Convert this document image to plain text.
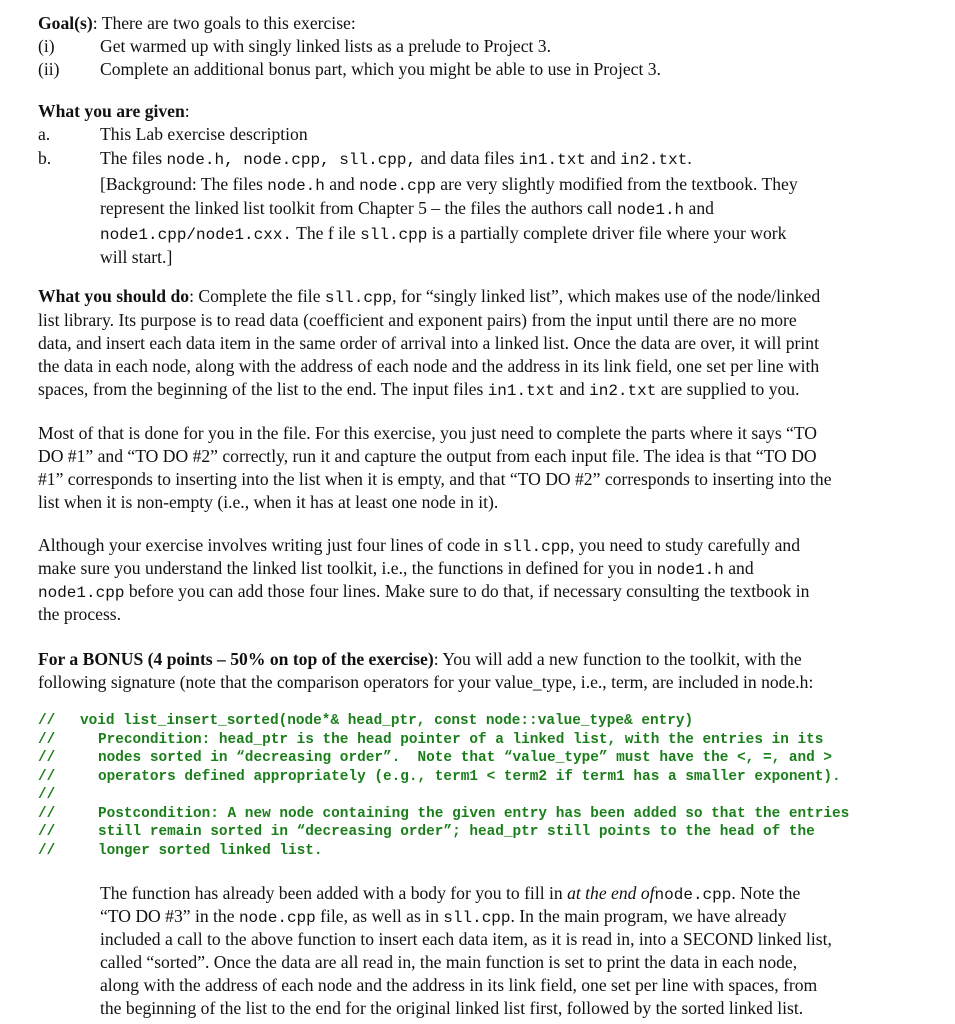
Goal(s): There are two goals to this exercise:
(i)	Get warmed up with singly linked lists as a prelude to Project 3.
(ii) Complete an additional bonus part, which you might be able to use in Project 3.
What you are given:
a.	This Lab exercise description
b.	The files node.h, node.cpp, sll.cpp, and data files in1.txt and in2.txt.
[Background: The files node.h and node.cpp are very slightly modified from the textbook. They
represent the linked list toolkit from Chapter 5 – the files the authors call node1.h and
node1.cpp/node1.cxx. The f ile sll.cpp is a partially complete driver file where your work
will start.]
What you should do: Complete the file sll.cpp, for “singly linked list”, which makes use of the node/linked
list library. Its purpose is to read data (coefficient and exponent pairs) from the input until there are no more
data, and insert each data item in the same order of arrival into a linked list. Once the data are over, it will print
the data in each node, along with the address of each node and the address in its link field, one set per line with
spaces, from the beginning of the list to the end. The input files in1.txt and in2.txt are supplied to you.
Most of that is done for you in the file. For this exercise, you just need to complete the parts where it says “TO
DO #1” and “TO DO #2” correctly, run it and capture the output from each input file. The idea is that “TO DO
#1” corresponds to inserting into the list when it is empty, and that “TO DO #2” corresponds to inserting into the
list when it is non-empty (i.e., when it has at least one node in it).
Although your exercise involves writing just four lines of code in sll.cpp, you need to study carefully and
make sure you understand the linked list toolkit, i.e., the functions in defined for you in node1.h and
node1.cpp before you can add those four lines. Make sure to do that, if necessary consulting the textbook in
the process.
For a BONUS (4 points – 50% on top of the exercise): You will add a new function to the toolkit, with the
following signature (note that the comparison operators for your value_type, i.e., term, are included in node.h:
// void list_insert_sorted(node*& head_ptr, const node::value_type& entry)
//	Precondition: head_ptr is the head pointer of a linked list, with the entries in its
//	nodes sorted in “decreasing order”.  Note that “value_type” must have the <, =, and >
//	operators defined appropriately (e.g., term1 < term2 if term1 has a smaller exponent).
//
//	Postcondition: A new node containing the given entry has been added so that the entries
//	still remain sorted in “decreasing order”; head_ptr still points to the head of the
//	longer sorted linked list.
The function has already been added with a body for you to fill in at the end ofnode.cpp. Note the
“TO DO #3” in the node.cpp file, as well as in sll.cpp. In the main program, we have already
included a call to the above function to insert each data item, as it is read in, into a SECOND linked list,
called “sorted”. Once the data are all read in, the main function is set to print the data in each node,
along with the address of each node and the address in its link field, one set per line with spaces, from
the beginning of the list to the end for the original linked list first, followed by the sorted linked list.
